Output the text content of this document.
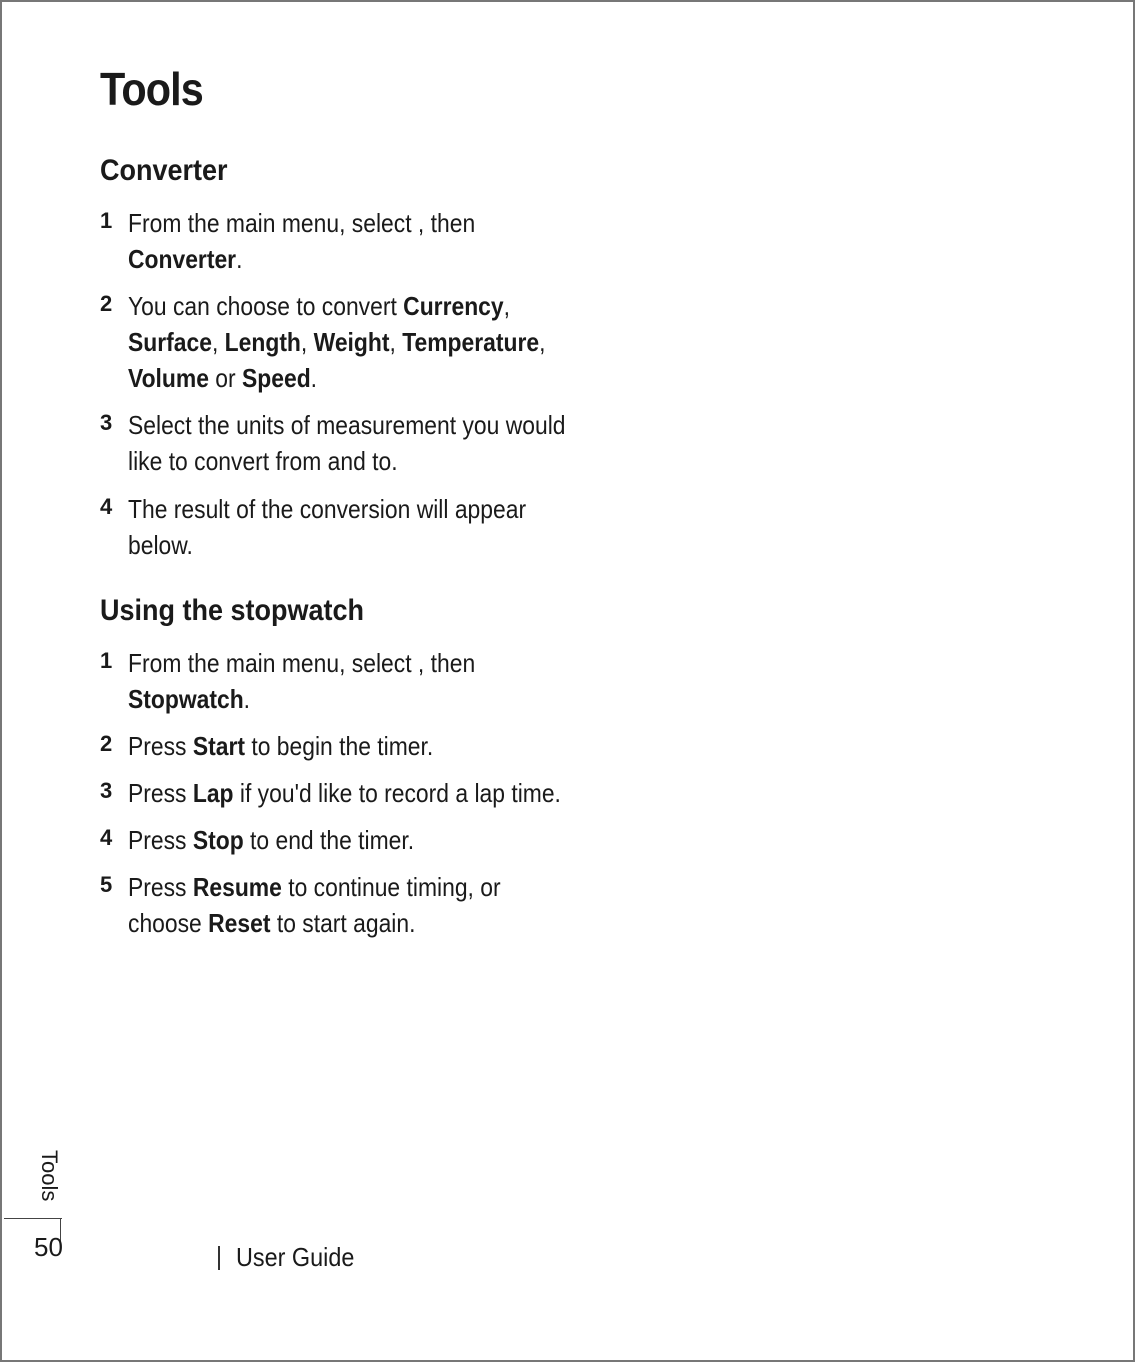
Tools
Converter
1 From the main menu, select , then
Converter.
2 You can choose to convert Currency,
Surface, Length, Weight, Temperature,
Volume or Speed.
3 Select the units of measurement you would
like to convert from and to.
4 The result of the conversion will appear
below.
Using the stopwatch
1 From the main menu, select , then
Stopwatch.
2 Press Start to begin the timer.
3 Press Lap if you'd like to record a lap time.
4 Press Stop to end the timer.
5 Press Resume to continue timing, or
choose Reset to start again.
Tools
50	User Guide
